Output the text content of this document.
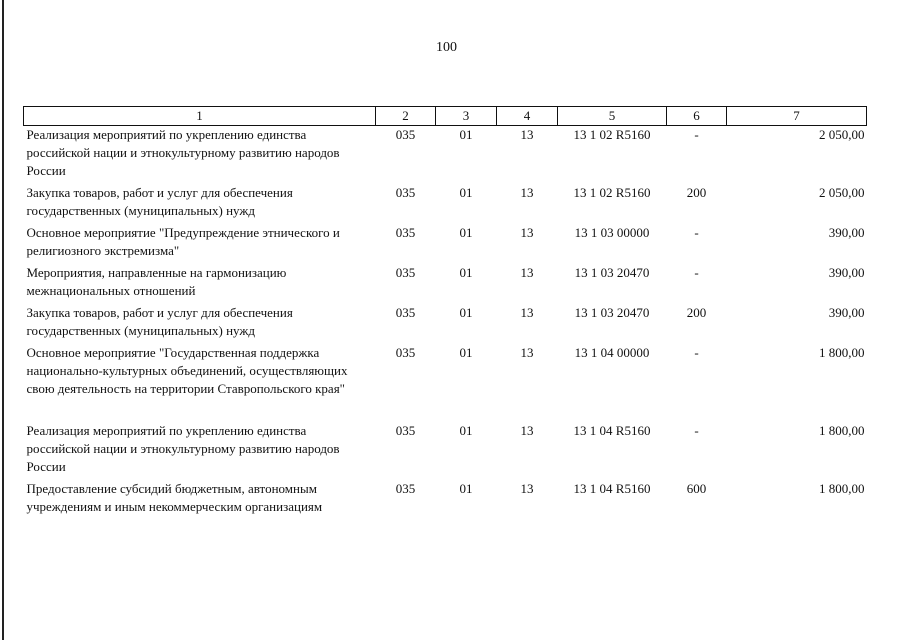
100
1	2	3	4	5	6	7
Реализация мероприятий по укреплению единства российской нации и этнокультурному развитию народов России	035	01	13	13 1 02 R5160	-	2 050,00
Закупка товаров, работ и услуг для обеспечения государственных (муниципальных) нужд	035	01	13	13 1 02 R5160	200	2 050,00
Основное мероприятие "Предупреждение этнического и религиозного экстремизма"	035	01	13	13 1 03 00000	-	390,00
Мероприятия, направленные на гармонизацию межнациональных отношений	035	01	13	13 1 03 20470	-	390,00
Закупка товаров, работ и услуг для обеспечения государственных (муниципальных) нужд	035	01	13	13 1 03 20470	200	390,00
Основное мероприятие "Государственная поддержка национально-культурных объединений, осуществляющих свою деятельность на территории Ставропольского края"	035	01	13	13 1 04 00000	-	1 800,00
Реализация мероприятий по укреплению единства российской нации и этнокультурному развитию народов России	035	01	13	13 1 04 R5160	-	1 800,00
Предоставление субсидий бюджетным, автономным учреждениям и иным некоммерческим организациям	035	01	13	13 1 04 R5160	600	1 800,00
